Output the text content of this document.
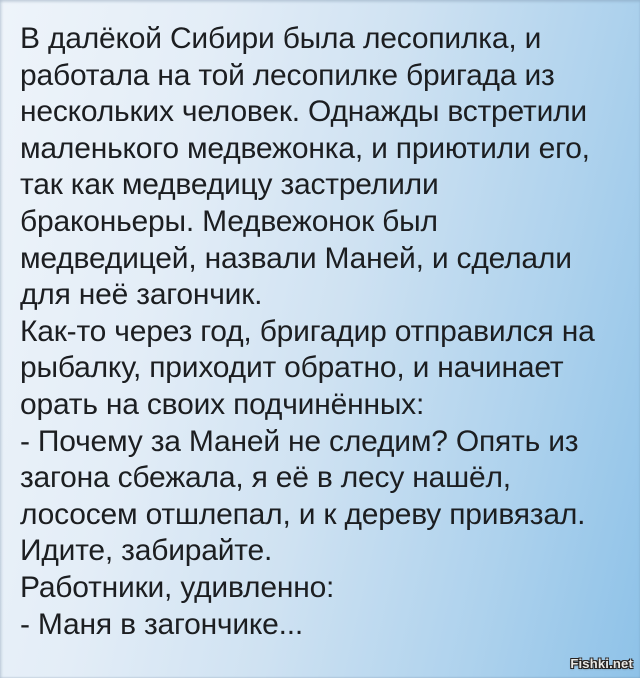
В далёкой Сибири была лесопилка, и
работала на той лесопилке бригада из
нескольких человек. Однажды встретили
маленького медвежонка, и приютили его,
так как медведицу застрелили
браконьеры. Медвежонок был
медведицей, назвали Маней, и сделали
для неё загончик.
Как-то через год, бригадир отправился на
рыбалку, приходит обратно, и начинает
орать на своих подчинённых:
- Почему за Маней не следим? Опять из
загона сбежала, я её в лесу нашёл,
лососем отшлепал, и к дереву привязал.
Идите, забирайте.
Работники, удивленно:
- Маня в загончике...
Fishki.net
